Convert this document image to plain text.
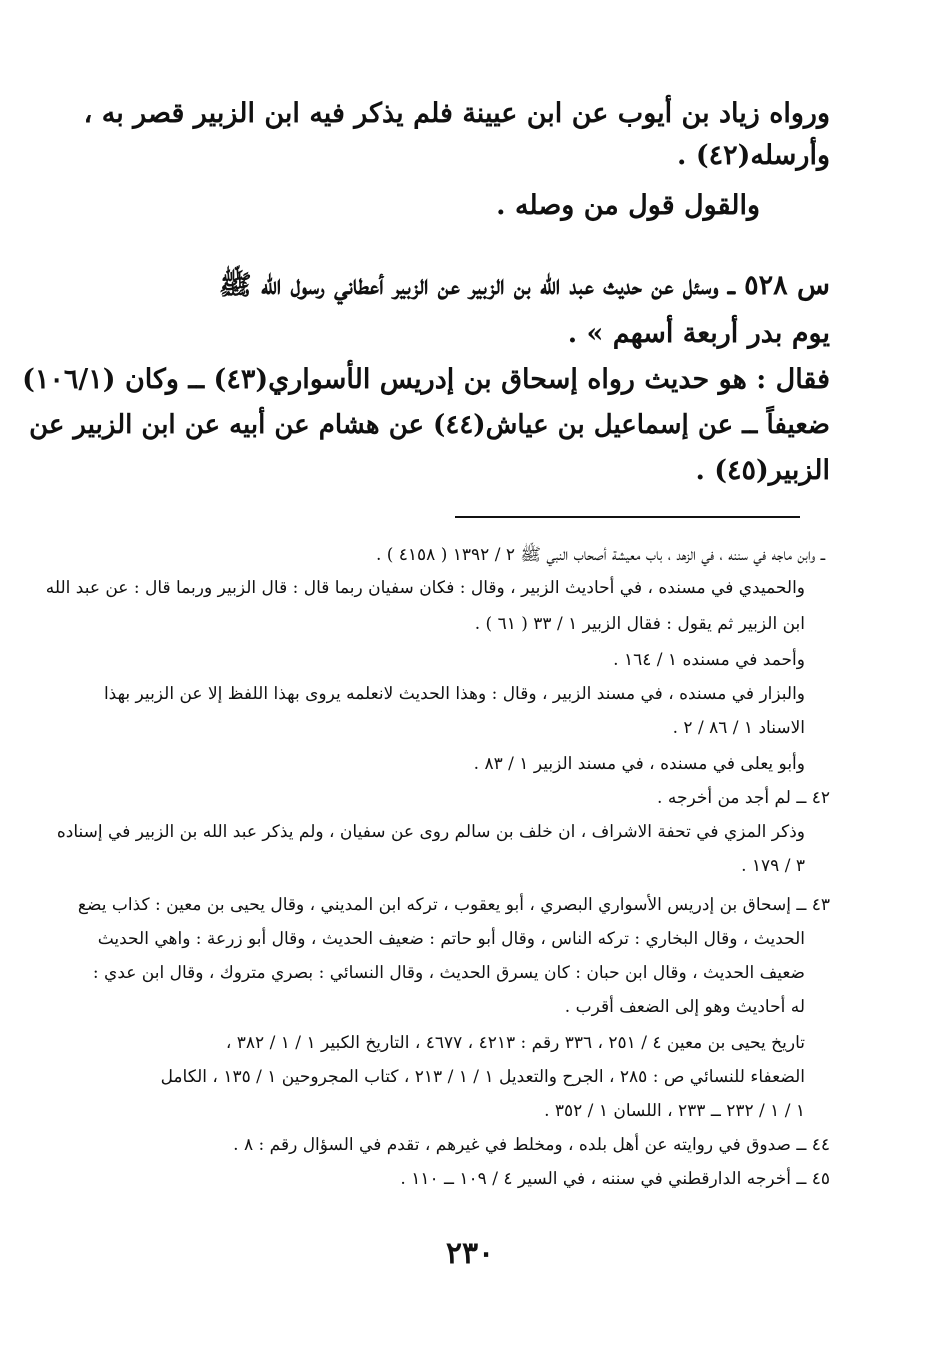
ورواه زياد بن أيوب عن ابن عيينة فلم يذكر فيه ابن الزبير قصر به ،
وأرسله(٤٢) .
والقول قول من وصله .
س ٥٢٨ ــ وسئل عن حديث عبد الله بن الزبير عن الزبير أعطاني رسول الله ﷺ
يوم بدر أربعة أسهم » .
فقال : هو حديث رواه إسحاق بن إدريس الأسواري(٤٣) ــ وكان (١٠٦/١)
ضعيفاً ــ عن إسماعيل بن عياش(٤٤) عن هشام عن أبيه عن ابن الزبير عن
الزبير(٤٥) .
ــ وابن ماجه في سننه ، في الزهد ، باب معيشة أصحاب النبي ﷺ ٢ / ١٣٩٢ ( ٤١٥٨ ) .
والحميدي في مسنده ، في أحاديث الزبير ، وقال : فكان سفيان ربما قال : قال الزبير وربما قال : عن عبد الله
ابن الزبير ثم يقول : فقال الزبير ١ / ٣٣ ( ٦١ ) .
وأحمد في مسنده ١ / ١٦٤ .
والبزار في مسنده ، في مسند الزبير ، وقال : وهذا الحديث لانعلمه يروى بهذا اللفظ إلا عن الزبير بهذا
الاسناد ١ / ٨٦ / ٢ .
وأبو يعلى في مسنده ، في مسند الزبير ١ / ٨٣ .
٤٢ ــ لم أجد من أخرجه .
وذكر المزي في تحفة الاشراف ، ان خلف بن سالم روى عن سفيان ، ولم يذكر عبد الله بن الزبير في إسناده
٣ / ١٧٩ .
٤٣ ــ إسحاق بن إدريس الأسواري البصري ، أبو يعقوب ، تركه ابن المديني ، وقال يحيى بن معين : كذاب يضع
الحديث ، وقال البخاري : تركه الناس ، وقال أبو حاتم : ضعيف الحديث ، وقال أبو زرعة : واهي الحديث
ضعيف الحديث ، وقال ابن حبان : كان يسرق الحديث ، وقال النسائي : بصري متروك ، وقال ابن عدي :
له أحاديث وهو إلى الضعف أقرب .
تاريخ يحيى بن معين ٤ / ٢٥١ ، ٣٣٦ رقم : ٤٢١٣ ، ٤٦٧٧ ، التاريخ الكبير ١ / ١ / ٣٨٢ ،
الضعفاء للنسائي ص : ٢٨٥ ، الجرح والتعديل ١ / ١ / ٢١٣ ، كتاب المجروحين ١ / ١٣٥ ، الكامل
١ / ١ / ٢٣٢ ــ ٢٣٣ ، اللسان ١ / ٣٥٢ .
٤٤ ــ صدوق في روايته عن أهل بلده ، ومخلط في غيرهم ، تقدم في السؤال رقم : ٨ .
٤٥ ــ أخرجه الدارقطني في سننه ، في السير ٤ / ١٠٩ ــ ١١٠ .
٢٣٠
